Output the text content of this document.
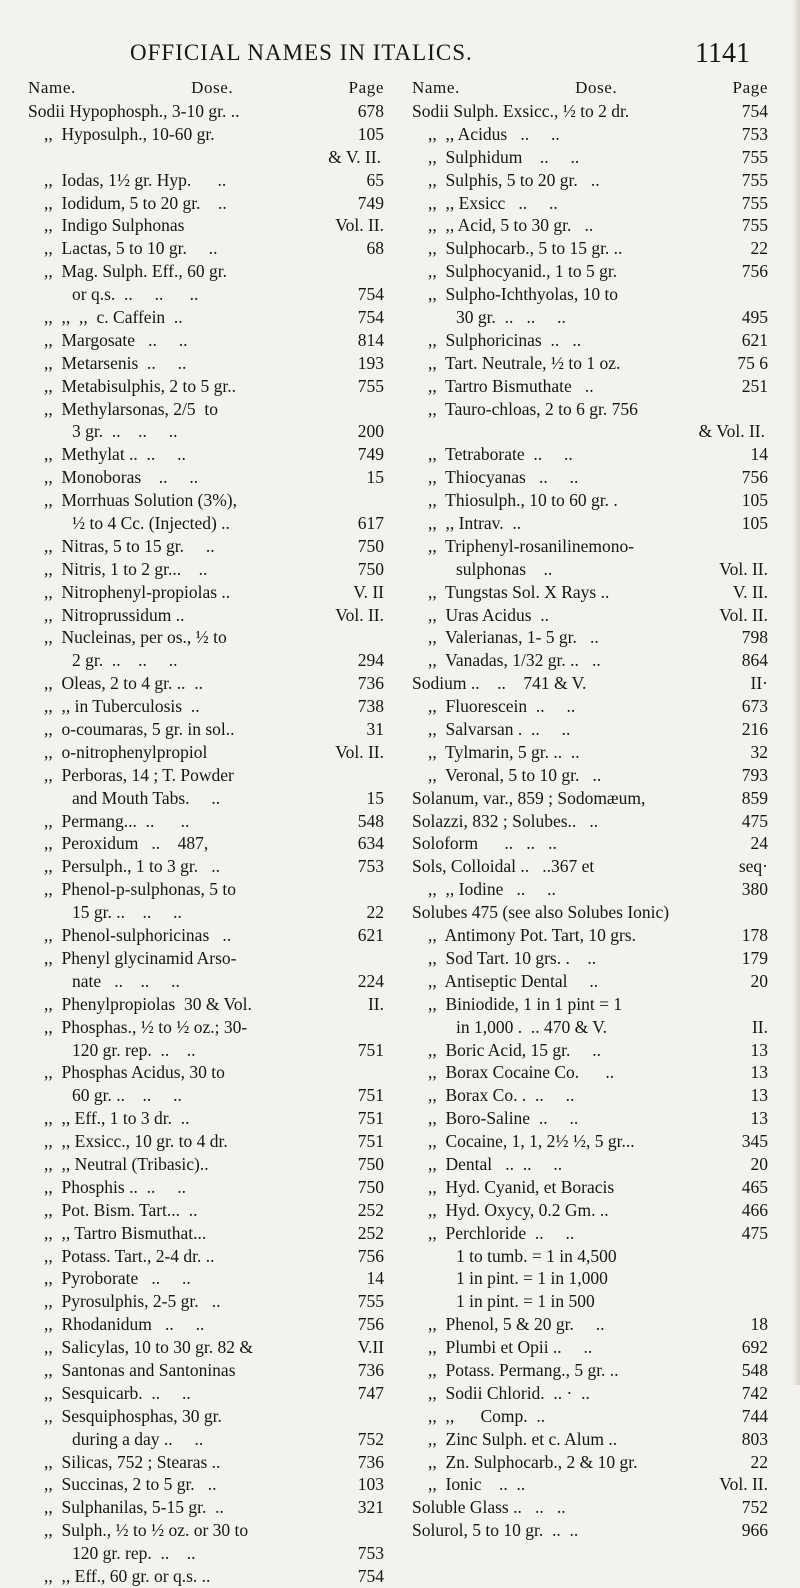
OFFICIAL NAMES IN ITALICS.	1141
Name.	Dose.	Page
Sodii Hypophosph., 3-10 gr. ..	678
,,  Hyposulph., 10-60 gr.	105
& V. II.
,,  Iodas, 1½ gr. Hyp.      ..	65
,,  Iodidum, 5 to 20 gr.    ..	749
,,  Indigo Sulphonas	Vol. II.
,,  Lactas, 5 to 10 gr.     ..	68
,,  Mag. Sulph. Eff., 60 gr.
or q.s.  ..     ..      ..	754
,,  ,,  ,,  c. Caffein  ..	754
,,  Margosate   ..     ..	814
,,  Metarsenis  ..     ..	193
,,  Metabisulphis, 2 to 5 gr..	755
,,  Methylarsonas, 2/5  to
3 gr.  ..    ..     ..	200
,,  Methylat ..  ..     ..	749
,,  Monoboras    ..     ..	15
,,  Morrhuas Solution (3%),
½ to 4 Cc. (Injected) ..	617
,,  Nitras, 5 to 15 gr.     ..	750
,,  Nitris, 1 to 2 gr...    ..	750
,,  Nitrophenyl-propiolas ..	V. II
,,  Nitroprussidum ..	Vol. II.
,,  Nucleinas, per os., ½ to
2 gr.  ..    ..     ..	294
,,  Oleas, 2 to 4 gr. ..  ..	736
,,  ,, in Tuberculosis  ..	738
,,  o-coumaras, 5 gr. in sol..	31
,,  o-nitrophenylpropiol	Vol. II.
,,  Perboras, 14 ; T. Powder
and Mouth Tabs.     ..	15
,,  Permang...  ..      ..	548
,,  Peroxidum   ..    487,	634
,,  Persulph., 1 to 3 gr.   ..	753
,,  Phenol-p-sulphonas, 5 to
15 gr. ..    ..     ..	22
,,  Phenol-sulphoricinas   ..	621
,,  Phenyl glycinamid Arso-
nate   ..    ..     ..	224
,,  Phenylpropiolas  30 & Vol.	II.
,,  Phosphas., ½ to ½ oz.; 30-
120 gr. rep.  ..    ..	751
,,  Phosphas Acidus, 30 to
60 gr. ..    ..     ..	751
,,  ,, Eff., 1 to 3 dr.  ..	751
,,  ,, Exsicc., 10 gr. to 4 dr.	751
,,  ,, Neutral (Tribasic)..	750
,,  Phosphis ..  ..     ..	750
,,  Pot. Bism. Tart...  ..	252
,,  ,, Tartro Bismuthat...	252
,,  Potass. Tart., 2-4 dr. ..	756
,,  Pyroborate   ..     ..	14
,,  Pyrosulphis, 2-5 gr.   ..	755
,,  Rhodanidum   ..     ..	756
,,  Salicylas, 10 to 30 gr. 82 &	V.II
,,  Santonas and Santoninas	736
,,  Sesquicarb.  ..     ..	747
,,  Sesquiphosphas, 30 gr.
during a day ..     ..	752
,,  Silicas, 752 ; Stearas ..	736
,,  Succinas, 2 to 5 gr.   ..	103
,,  Sulphanilas, 5-15 gr.  ..	321
,,  Sulph., ½ to ½ oz. or 30 to
120 gr. rep.  ..    ..	753
,,  ,, Eff., 60 gr. or q.s. ..	754
Name.	Dose.	Page
Sodii Sulph. Exsicc., ½ to 2 dr.	754
,,  ,, Acidus   ..     ..	753
,,  Sulphidum    ..     ..	755
,,  Sulphis, 5 to 20 gr.   ..	755
,,  ,, Exsicc   ..     ..	755
,,  ,, Acid, 5 to 30 gr.   ..	755
,,  Sulphocarb., 5 to 15 gr. ..	22
,,  Sulphocyanid., 1 to 5 gr.	756
,,  Sulpho-Ichthyolas, 10 to
30 gr.  ..   ..     ..	495
,,  Sulphoricinas  ..   ..	621
,,  Tart. Neutrale, ½ to 1 oz.	75 6
,,  Tartro Bismuthate   ..	251
,,  Tauro-chloas, 2 to 6 gr. 756
& Vol. II.
,,  Tetraborate  ..     ..	14
,,  Thiocyanas   ..     ..	756
,,  Thiosulph., 10 to 60 gr. .	105
,,  ,, Intrav.  ..	105
,,  Triphenyl-rosanilinemono-
sulphonas    ..	Vol. II.
,,  Tungstas Sol. X Rays ..	V. II.
,,  Uras Acidus  ..	Vol. II.
,,  Valerianas, 1- 5 gr.   ..	798
,,  Vanadas, 1/32 gr. ..   ..	864
Sodium ..    ..    741 & V.	II·
,,  Fluorescein  ..     ..	673
,,  Salvarsan .  ..     ..	216
,,  Tylmarin, 5 gr. ..  ..	32
,,  Veronal, 5 to 10 gr.   ..	793
Solanum, var., 859 ; Sodomæum,	859
Solazzi, 832 ; Solubes..   ..	475
Soloform      ..   ..   ..	24
Sols, Colloidal ..   ..367 et	seq·
,,  ,, Iodine   ..     ..	380
Solubes 475 (see also Solubes Ionic)
,,  Antimony Pot. Tart, 10 grs.	178
,,  Sod Tart. 10 grs. .    ..	179
,,  Antiseptic Dental     ..	20
,,  Biniodide, 1 in 1 pint = 1
in 1,000 .  .. 470 & V.	II.
,,  Boric Acid, 15 gr.     ..	13
,,  Borax Cocaine Co.      ..	13
,,  Borax Co. .  ..     ..	13
,,  Boro-Saline  ..     ..	13
,,  Cocaine, 1, 1, 2½ ½, 5 gr...	345
,,  Dental   ..  ..     ..	20
,,  Hyd. Cyanid, et Boracis	465
,,  Hyd. Oxycy, 0.2 Gm. ..	466
,,  Perchloride  ..     ..	475
1 to tumb. = 1 in 4,500
1 in pint. = 1 in 1,000
1 in pint. = 1 in 500
,,  Phenol, 5 & 20 gr.     ..	18
,,  Plumbi et Opii ..     ..	692
,,  Potass. Permang., 5 gr. ..	548
,,  Sodii Chlorid.  .. ·  ..	742
,,  ,,      Comp.  ..	744
,,  Zinc Sulph. et c. Alum ..	803
,,  Zn. Sulphocarb., 2 & 10 gr.	22
,,  Ionic    ..  ..	Vol. II.
Soluble Glass ..   ..   ..	752
Solurol, 5 to 10 gr.  ..  ..	966
